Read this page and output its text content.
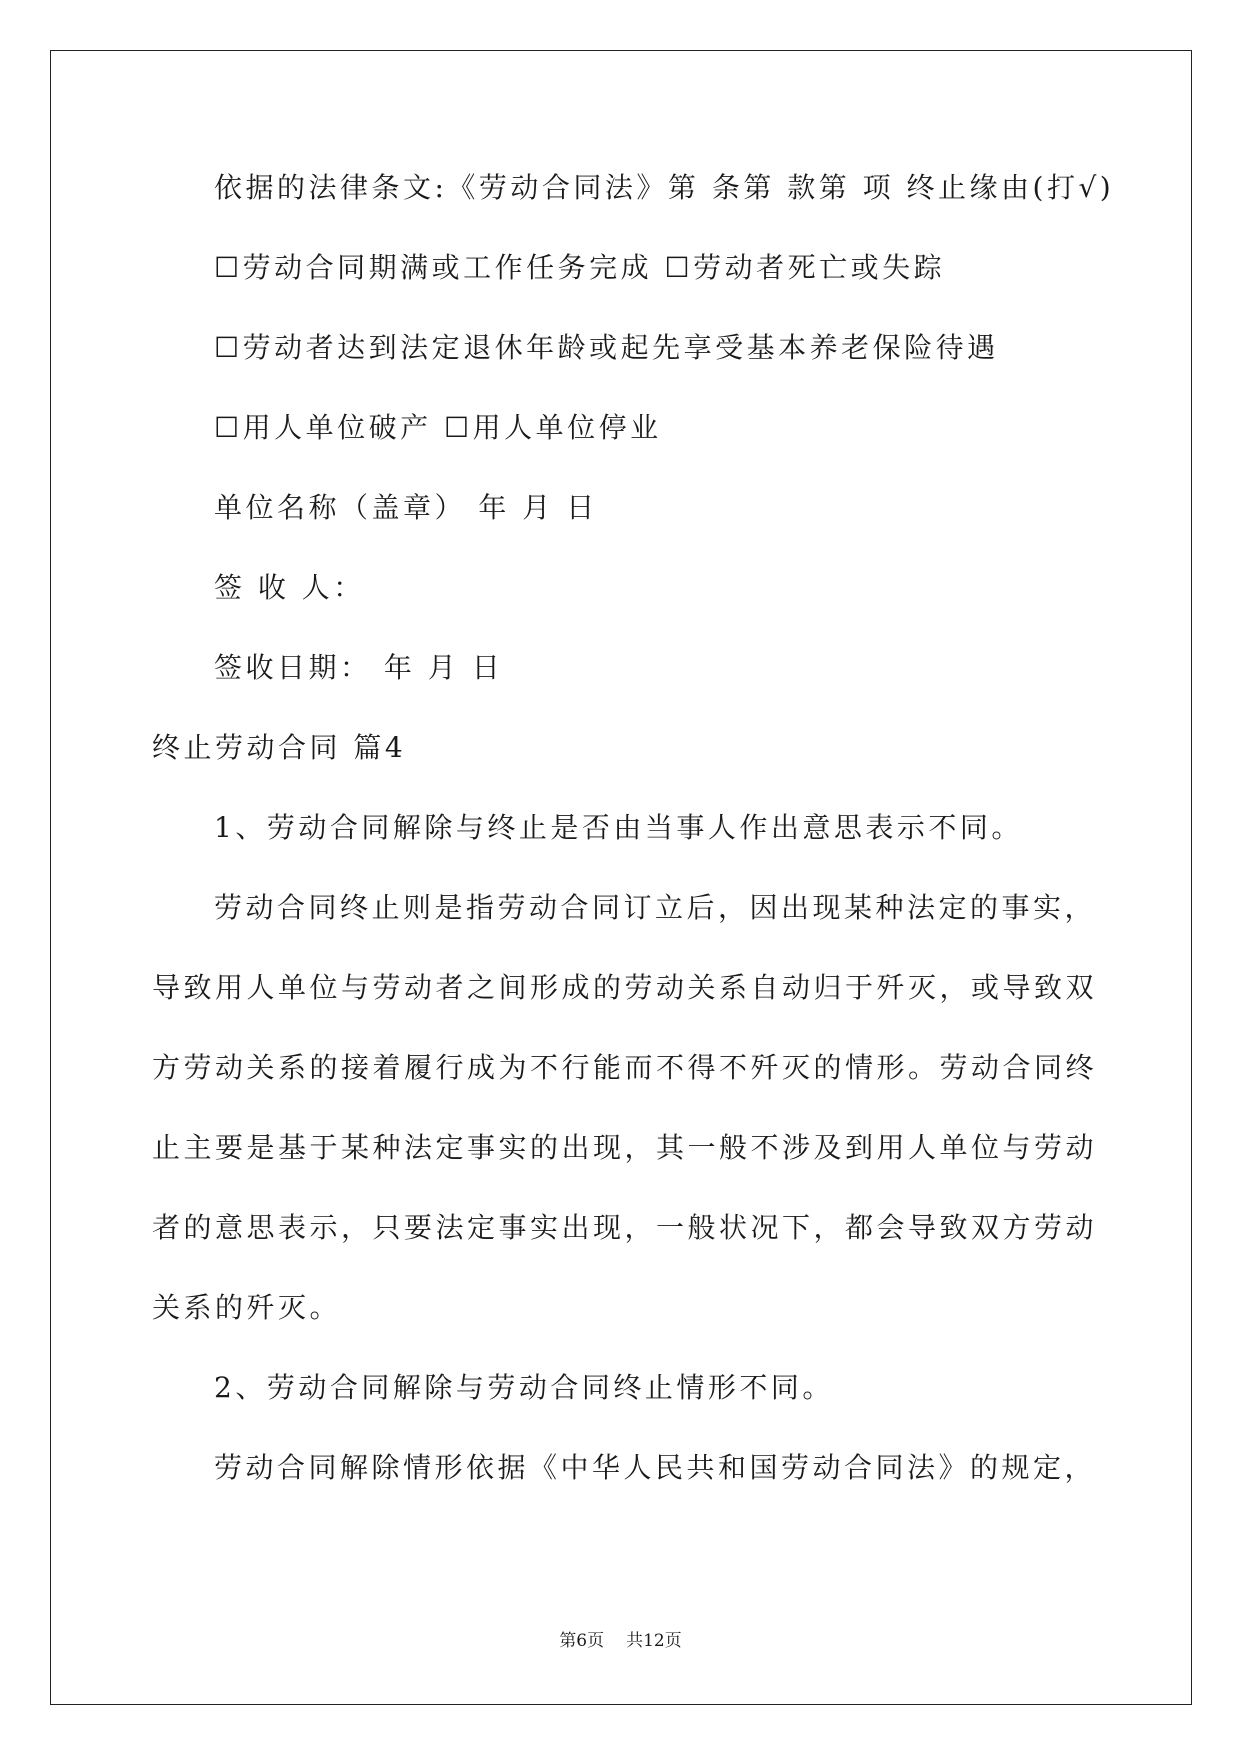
依据的法律条文:《劳动合同法》第 条第 款第 项 终止缘由(打√)
☐劳动合同期满或工作任务完成 ☐劳动者死亡或失踪
☐劳动者达到法定退休年龄或起先享受基本养老保险待遇
☐用人单位破产 ☐用人单位停业
单位名称（盖章） 年 月 日
签 收 人：
签收日期： 年 月 日
终止劳动合同 篇4
1、劳动合同解除与终止是否由当事人作出意思表示不同。
劳动合同终止则是指劳动合同订立后，因出现某种法定的事实，
导致用人单位与劳动者之间形成的劳动关系自动归于歼灭，或导致双
方劳动关系的接着履行成为不行能而不得不歼灭的情形。劳动合同终
止主要是基于某种法定事实的出现，其一般不涉及到用人单位与劳动
者的意思表示，只要法定事实出现，一般状况下，都会导致双方劳动
关系的歼灭。
2、劳动合同解除与劳动合同终止情形不同。
劳动合同解除情形依据《中华人民共和国劳动合同法》的规定，
第6页 共12页
